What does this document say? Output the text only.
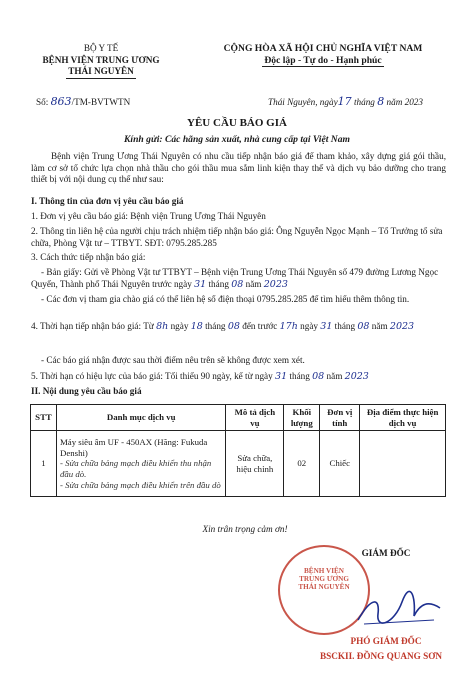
BỘ Y TẾ
BỆNH VIỆN TRUNG ƯƠNG
THÁI NGUYÊN
CỘNG HÒA XÃ HỘI CHỦ NGHĨA VIỆT NAM
Độc lập - Tự do - Hạnh phúc
Số: 863/TM-BVTWTN	Thái Nguyên, ngày17 tháng 8 năm 2023
YÊU CẦU BÁO GIÁ
Kính gửi: Các hãng sản xuất, nhà cung cấp tại Việt Nam
Bệnh viện Trung Ương Thái Nguyên có nhu cầu tiếp nhận báo giá để tham khảo, xây dựng giá gói thầu, làm cơ sở tổ chức lựa chọn nhà thầu cho gói thầu mua sắm linh kiện thay thế và dịch vụ bảo dưỡng cho trang thiết bị với nội dung cụ thể như sau:
I. Thông tin của đơn vị yêu cầu báo giá
1. Đơn vị yêu cầu báo giá: Bệnh viện Trung Ương Thái Nguyên
2. Thông tin liên hệ của người chịu trách nhiệm tiếp nhận báo giá: Ông Nguyễn Ngọc Mạnh – Tổ Trưởng tổ sửa chữa, Phòng Vật tư – TTBYT. SĐT: 0795.285.285
3. Cách thức tiếp nhận báo giá:
- Bản giấy: Gửi về Phòng Vật tư TTBYT – Bệnh viện Trung Ương Thái Nguyên số 479 đường Lương Ngọc Quyến, Thành phố Thái Nguyên trước ngày 31 tháng 08 năm 2023
- Các đơn vị tham gia chào giá có thể liên hệ số điện thoại 0795.285.285 để tìm hiểu thêm thông tin.
4. Thời hạn tiếp nhận báo giá: Từ 8h ngày 18 tháng 08 đến trước 17h ngày 31 tháng 08 năm 2023
- Các báo giá nhận được sau thời điểm nêu trên sẽ không được xem xét.
5. Thời hạn có hiệu lực của báo giá: Tối thiểu 90 ngày, kể từ ngày 31 tháng 08 năm 2023
II. Nội dung yêu cầu báo giá
STT	Danh mục dịch vụ	Mô tả dịch vụ	Khối lượng	Đơn vị tính	Địa điểm thực hiện dịch vụ
1	Máy siêu âm UF - 450AX (Hãng: Fukuda Denshi)
- Sửa chữa bảng mạch điều khiển thu nhận đầu dò.
- Sửa chữa bảng mạch điều khiển trên đầu dò	Sửa chữa, hiệu chỉnh	02	Chiếc	
Xin trân trọng cảm ơn!
GIÁM ĐỐC
BỆNH VIỆN
TRUNG ƯƠNG
THÁI NGUYÊN
PHÓ GIÁM ĐỐC
BSCKII. ĐỒNG QUANG SƠN
